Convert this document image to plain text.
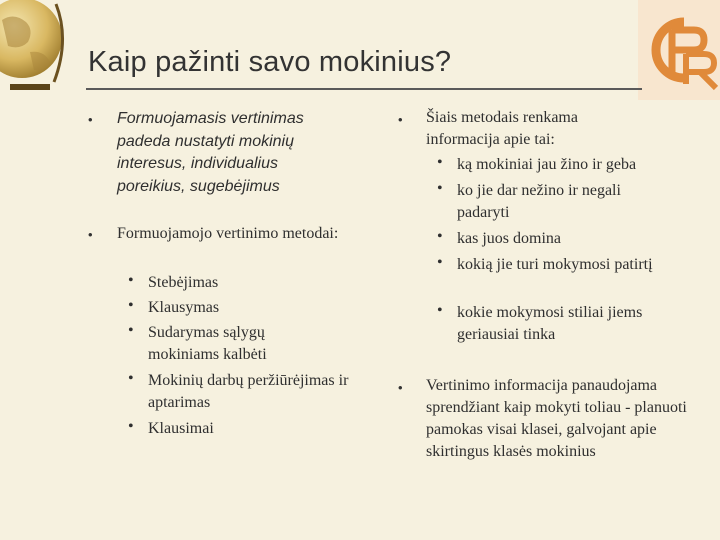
Kaip pažinti savo mokinius?
• Formuojamasis vertinimas padeda nustatyti mokinių interesus, individualius poreikius, sugebėjimus
• Formuojamojo vertinimo metodai:
• Stebėjimas
• Klausymas
• Sudarymas sąlygų mokiniams kalbėti
• Mokinių darbų peržiūrėjimas ir aptarimas
• Klausimai
• Šiais metodais renkama informacija apie tai:
• ką mokiniai jau žino ir geba
• ko jie dar nežino ir negali padaryti
• kas juos domina
• kokią jie turi mokymosi patirtį
• kokie mokymosi stiliai jiems geriausiai tinka
• Vertinimo informacija panaudojama sprendžiant kaip mokyti toliau - planuoti pamokas visai klasei, galvojant apie skirtingus klasės mokinius
